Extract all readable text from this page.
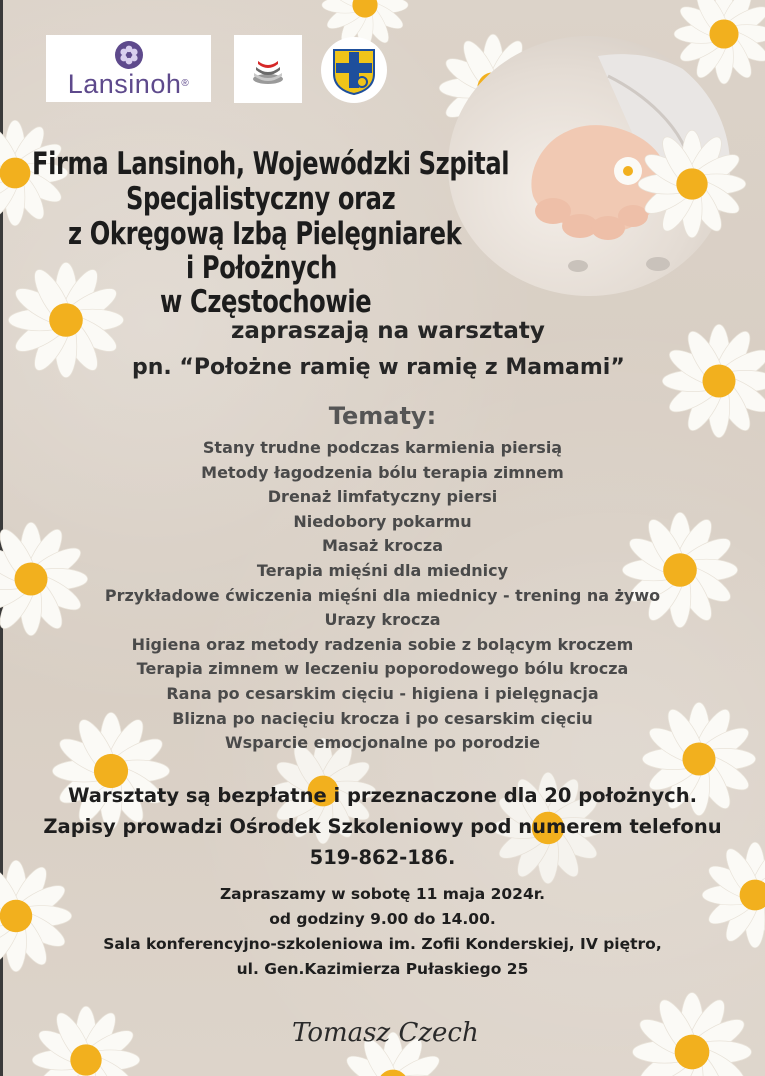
Lansinoh®
Firma Lansinoh, Wojewódzki Szpital
Specjalistyczny oraz
z Okręgową Izbą Pielęgniarek
i Położnych
w Częstochowie
zapraszają na warsztaty
pn. “Położne ramię w ramię z Mamami”
Tematy:
Stany trudne podczas karmienia piersią
Metody łagodzenia bólu terapia zimnem
Drenaż limfatyczny piersi
Niedobory pokarmu
Masaż krocza
Terapia mięśni dla miednicy
Przykładowe ćwiczenia mięśni dla miednicy - trening na żywo
Urazy krocza
Higiena oraz metody radzenia sobie z bolącym kroczem
Terapia zimnem w leczeniu poporodowego bólu krocza
Rana po cesarskim cięciu - higiena i pielęgnacja
Blizna po nacięciu krocza i po cesarskim cięciu
Wsparcie emocjonalne po porodzie
Warsztaty są bezpłatne i przeznaczone dla 20 położnych.
Zapisy prowadzi Ośrodek Szkoleniowy pod numerem telefonu
519-862-186.
Zapraszamy w sobotę 11 maja 2024r.
od godziny 9.00 do 14.00.
Sala konferencyjno-szkoleniowa im. Zofii Konderskiej, IV piętro,
ul. Gen.Kazimierza Pułaskiego 25
Tomasz Czech
